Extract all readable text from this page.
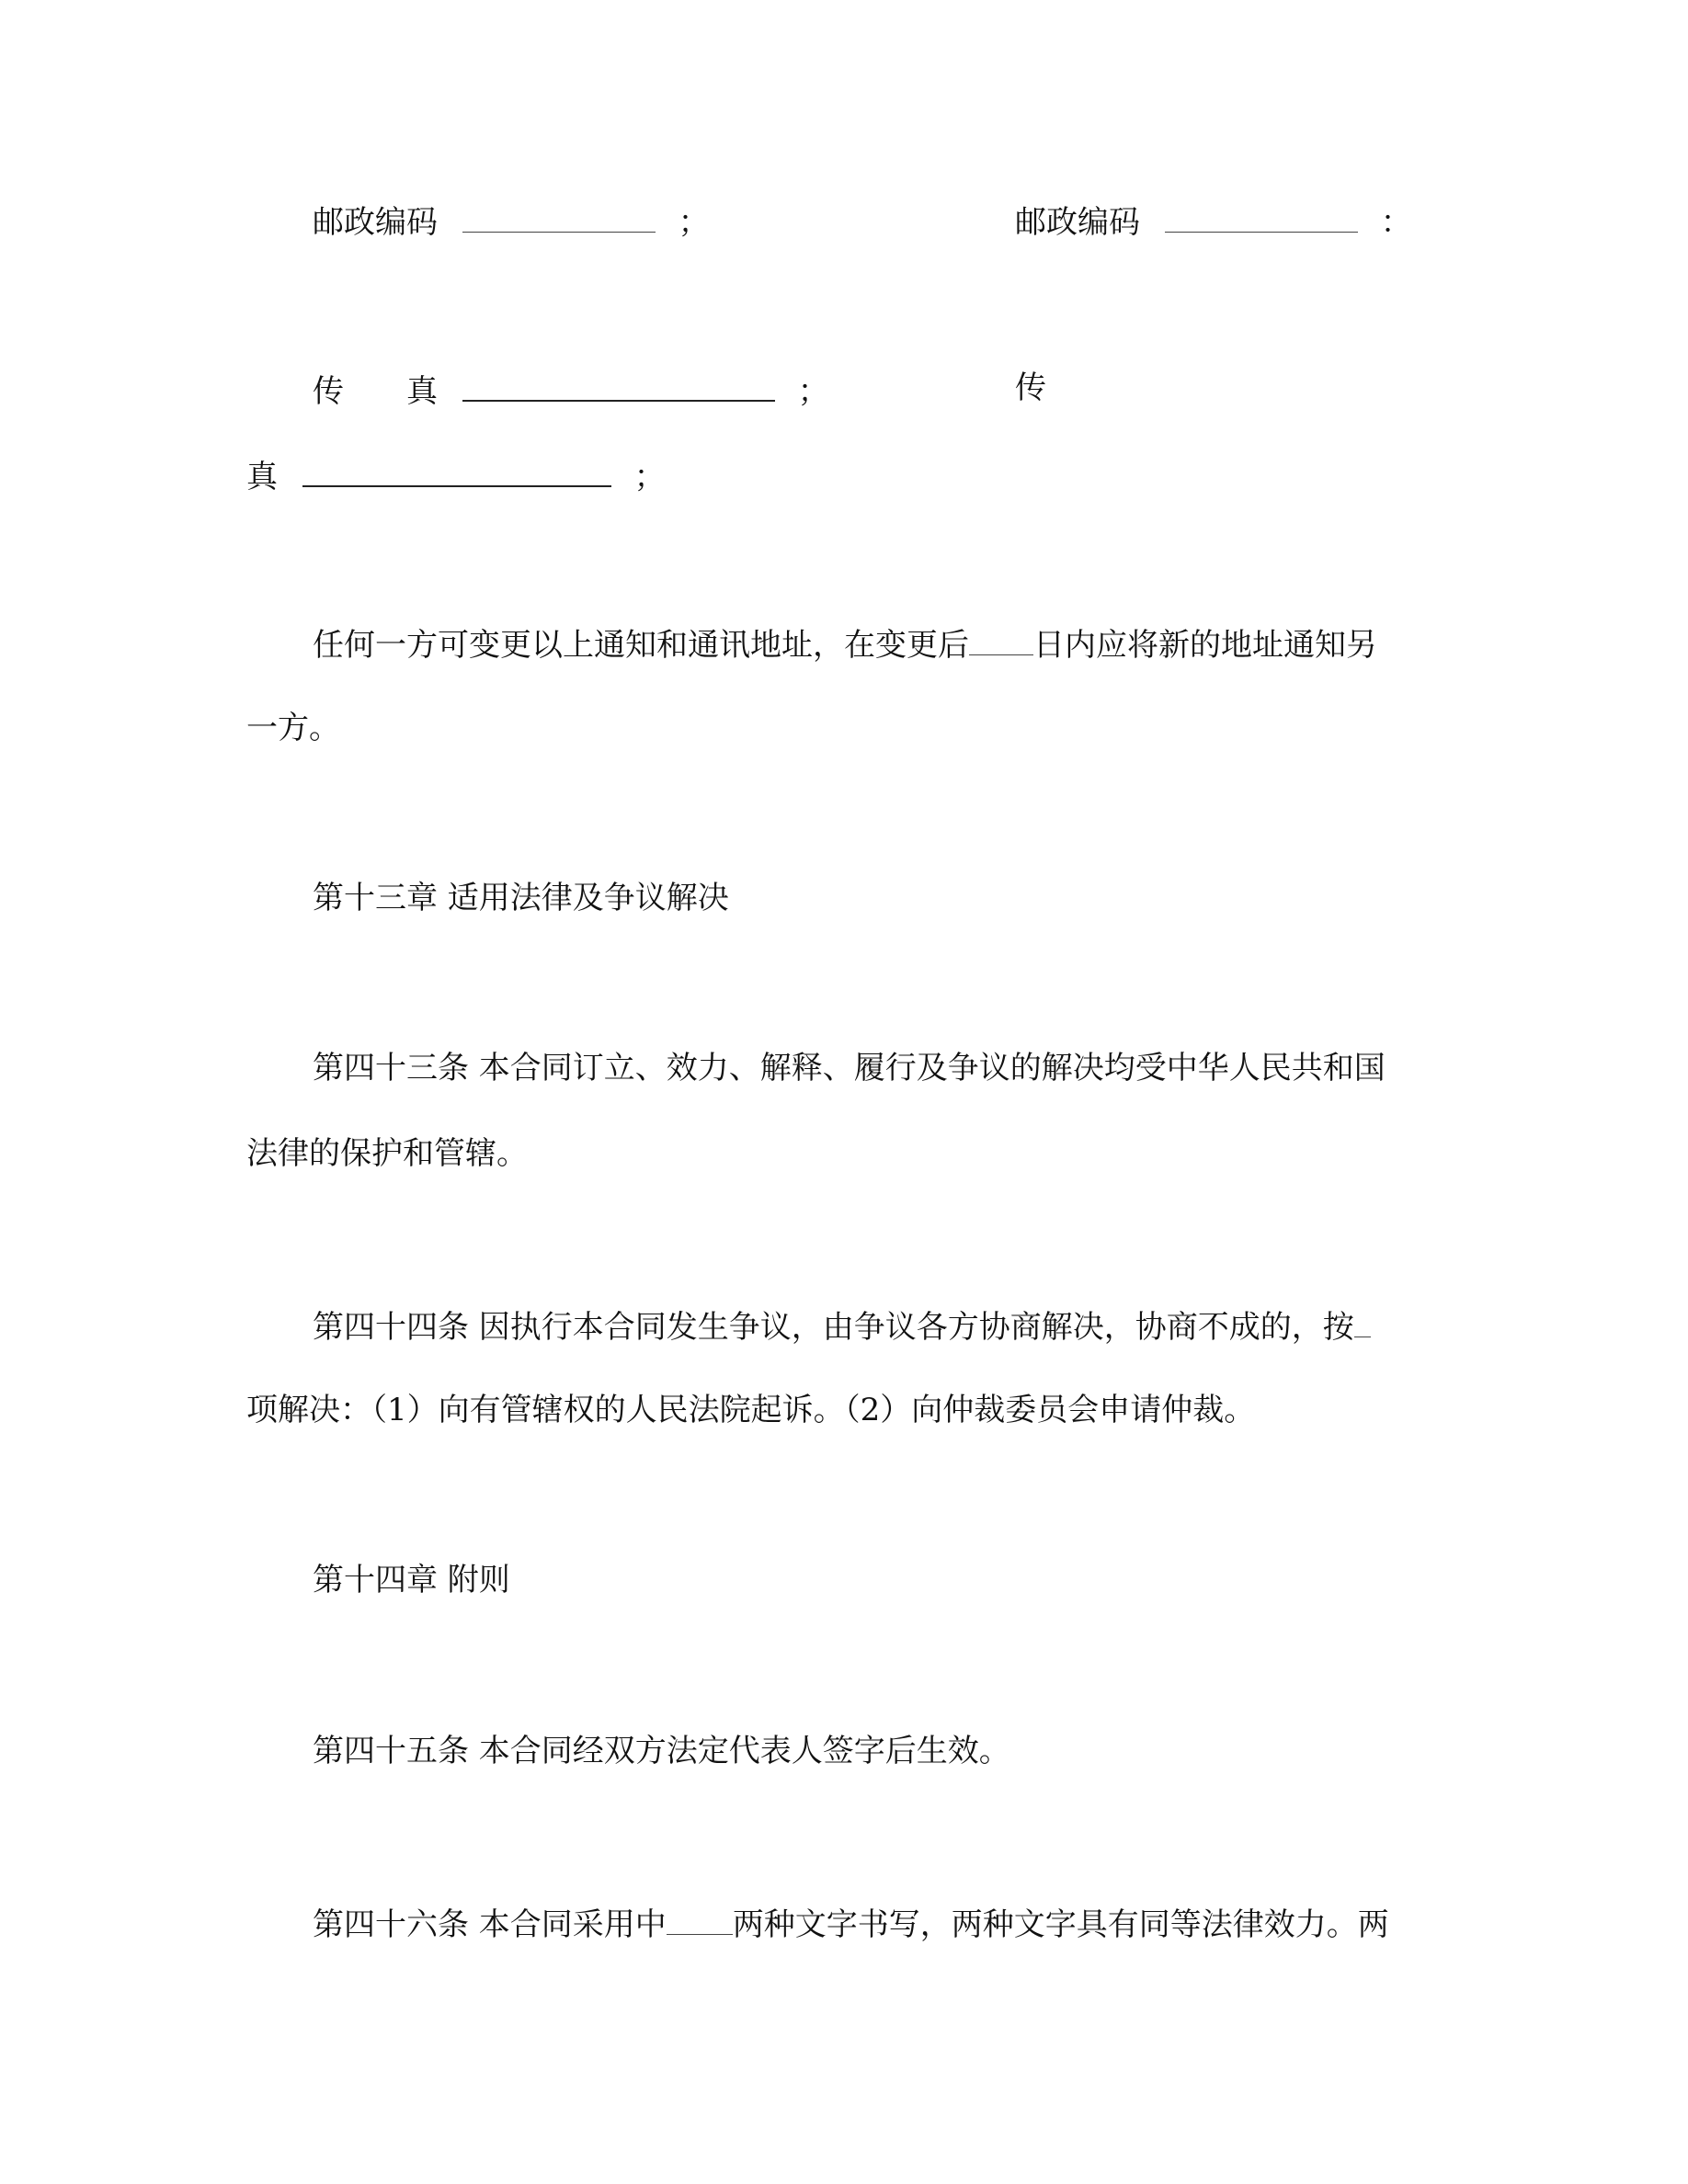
邮政编码	；	邮政编码	：
传　　真	；	传
真	；
任何一方可变更以上通知和通讯地址，在变更后 日内应将新的地址通知另
一方。
第十三章 适用法律及争议解决
第四十三条 本合同订立、效力、解释、履行及争议的解决均受中华人民共和国
法律的保护和管辖。
第四十四条 因执行本合同发生争议，由争议各方协商解决，协商不成的，按
项解决：（1）向有管辖权的人民法院起诉。（2）向仲裁委员会申请仲裁。
第十四章 附则
第四十五条 本合同经双方法定代表人签字后生效。
第四十六条 本合同采用中 两种文字书写，两种文字具有同等法律效力。两
